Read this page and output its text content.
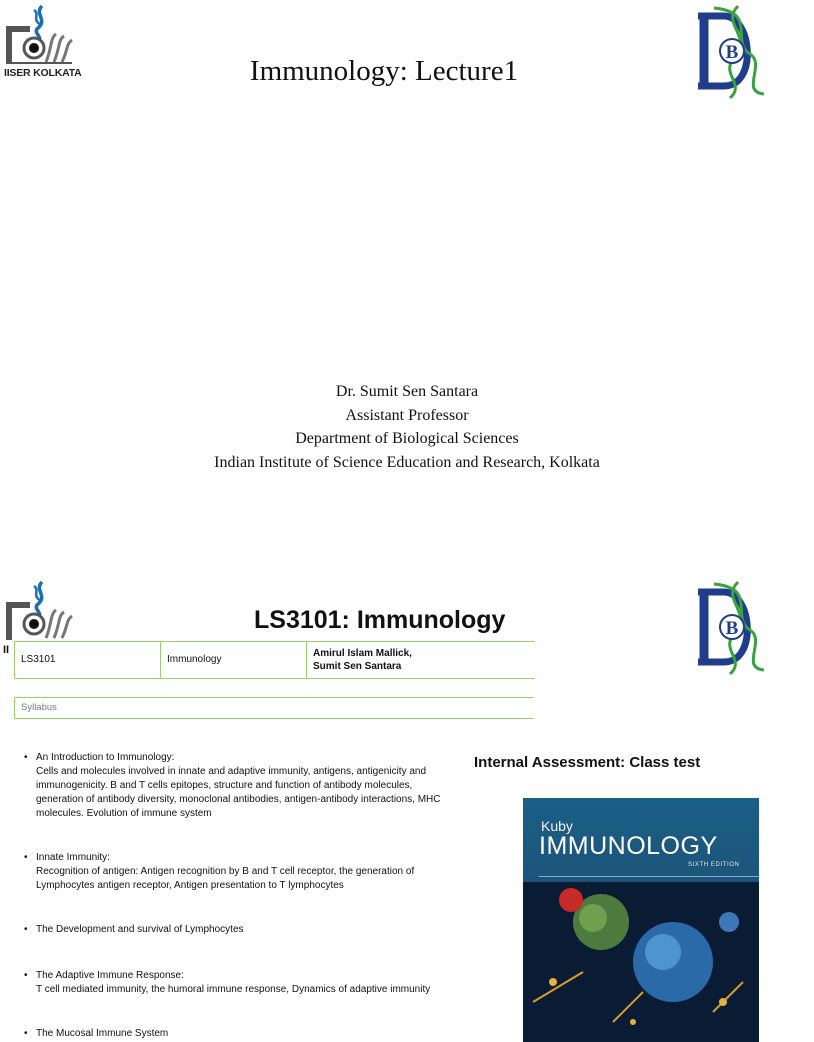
IISER KOLKATA
B
Immunology: Lecture1
Dr. Sumit Sen Santara
Assistant Professor
Department of Biological Sciences
Indian Institute of Science Education and Research, Kolkata
II
B
LS3101: Immunology
LS3101	Immunology
Amirul Islam Mallick,
Sumit Sen Santara
Syllabus
• An Introduction to Immunology:
Cells and molecules involved in innate and adaptive immunity, antigens, antigenicity and
immunogenicity. B and T cells epitopes, structure and function of antibody molecules,
generation of antibody diversity, monoclonal antibodies, antigen-antibody interactions, MHC
molecules. Evolution of immune system
• Innate Immunity:
Recognition of antigen: Antigen recognition by B and T cell receptor, the generation of
Lymphocytes antigen receptor, Antigen presentation to T lymphocytes
• The Development and survival of Lymphocytes
• The Adaptive Immune Response:
T cell mediated immunity, the humoral immune response, Dynamics of adaptive immunity
• The Mucosal Immune System
Internal Assessment: Class test
Kuby
IMMUNOLOGY
SIXTH EDITION
